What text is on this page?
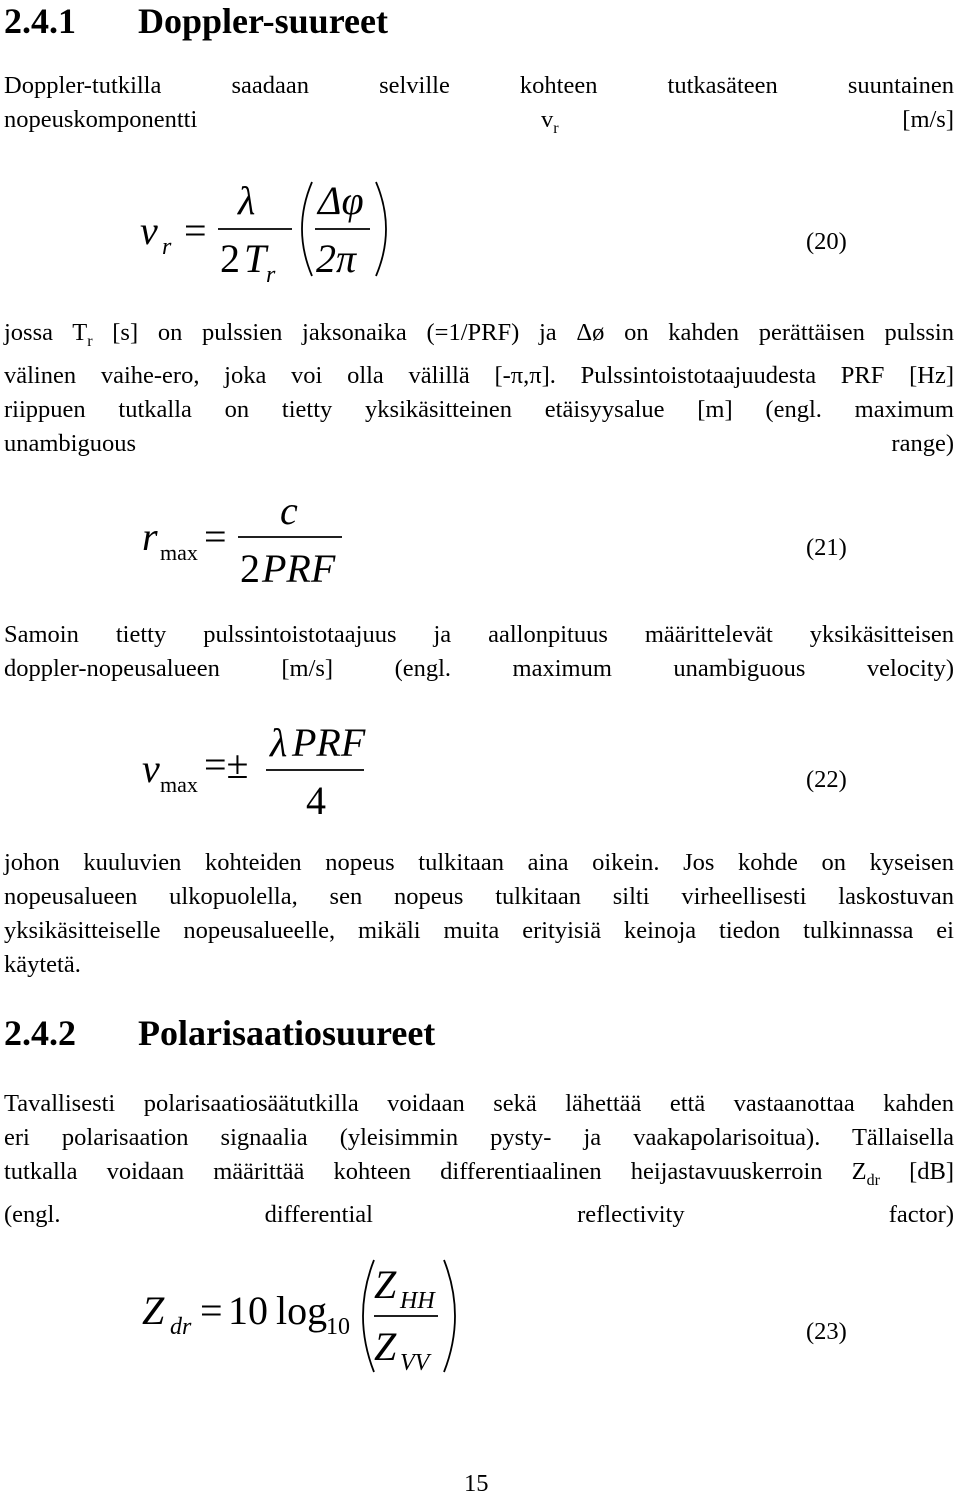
2.4.1 Doppler-suureet
Doppler-tutkilla saadaan selville kohteen tutkasäteen suuntainen
nopeuskomponentti $v_r$ [m/s]
v r =
λ
2 T r
Δφ
2π	(20)
jossa $T_r$ [s] on pulssien jaksonaika (=1/PRF) ja Δø on kahden perättäisen pulssin
välinen vaihe-ero, joka voi olla välillä [-π,π]. Pulssintoistotaajuudesta PRF [Hz]
riippuen tutkalla on tietty yksikäsitteinen etäisyysalue [m] (engl. maximum
unambiguous range)
r max =
c
2 PRF	(21)
Samoin tietty pulssintoistotaajuus ja aallonpituus määrittelevät yksikäsitteisen
doppler-nopeusalueen [m/s] (engl. maximum unambiguous velocity)
v max =± λ PRF
4	(22)
johon kuuluvien kohteiden nopeus tulkitaan aina oikein. Jos kohde on kyseisen
nopeusalueen ulkopuolella, sen nopeus tulkitaan silti virheellisesti laskostuvan
yksikäsitteiselle nopeusalueelle, mikäli muita erityisiä keinoja tiedon tulkinnassa ei
käytetä.
2.4.2 Polarisaatiosuureet
Tavallisesti polarisaatiosäätutkilla voidaan sekä lähettää että vastaanottaa kahden
eri polarisaation signaalia (yleisimmin pysty- ja vaakapolarisoitua). Tällaisella
tutkalla voidaan määrittää kohteen differentiaalinen heijastavuuskerroin $Z_{dr}$ [dB]
(engl. differential reflectivity factor)
Z dr = 10 log
10
Z HH
Z VV
(23)
15
